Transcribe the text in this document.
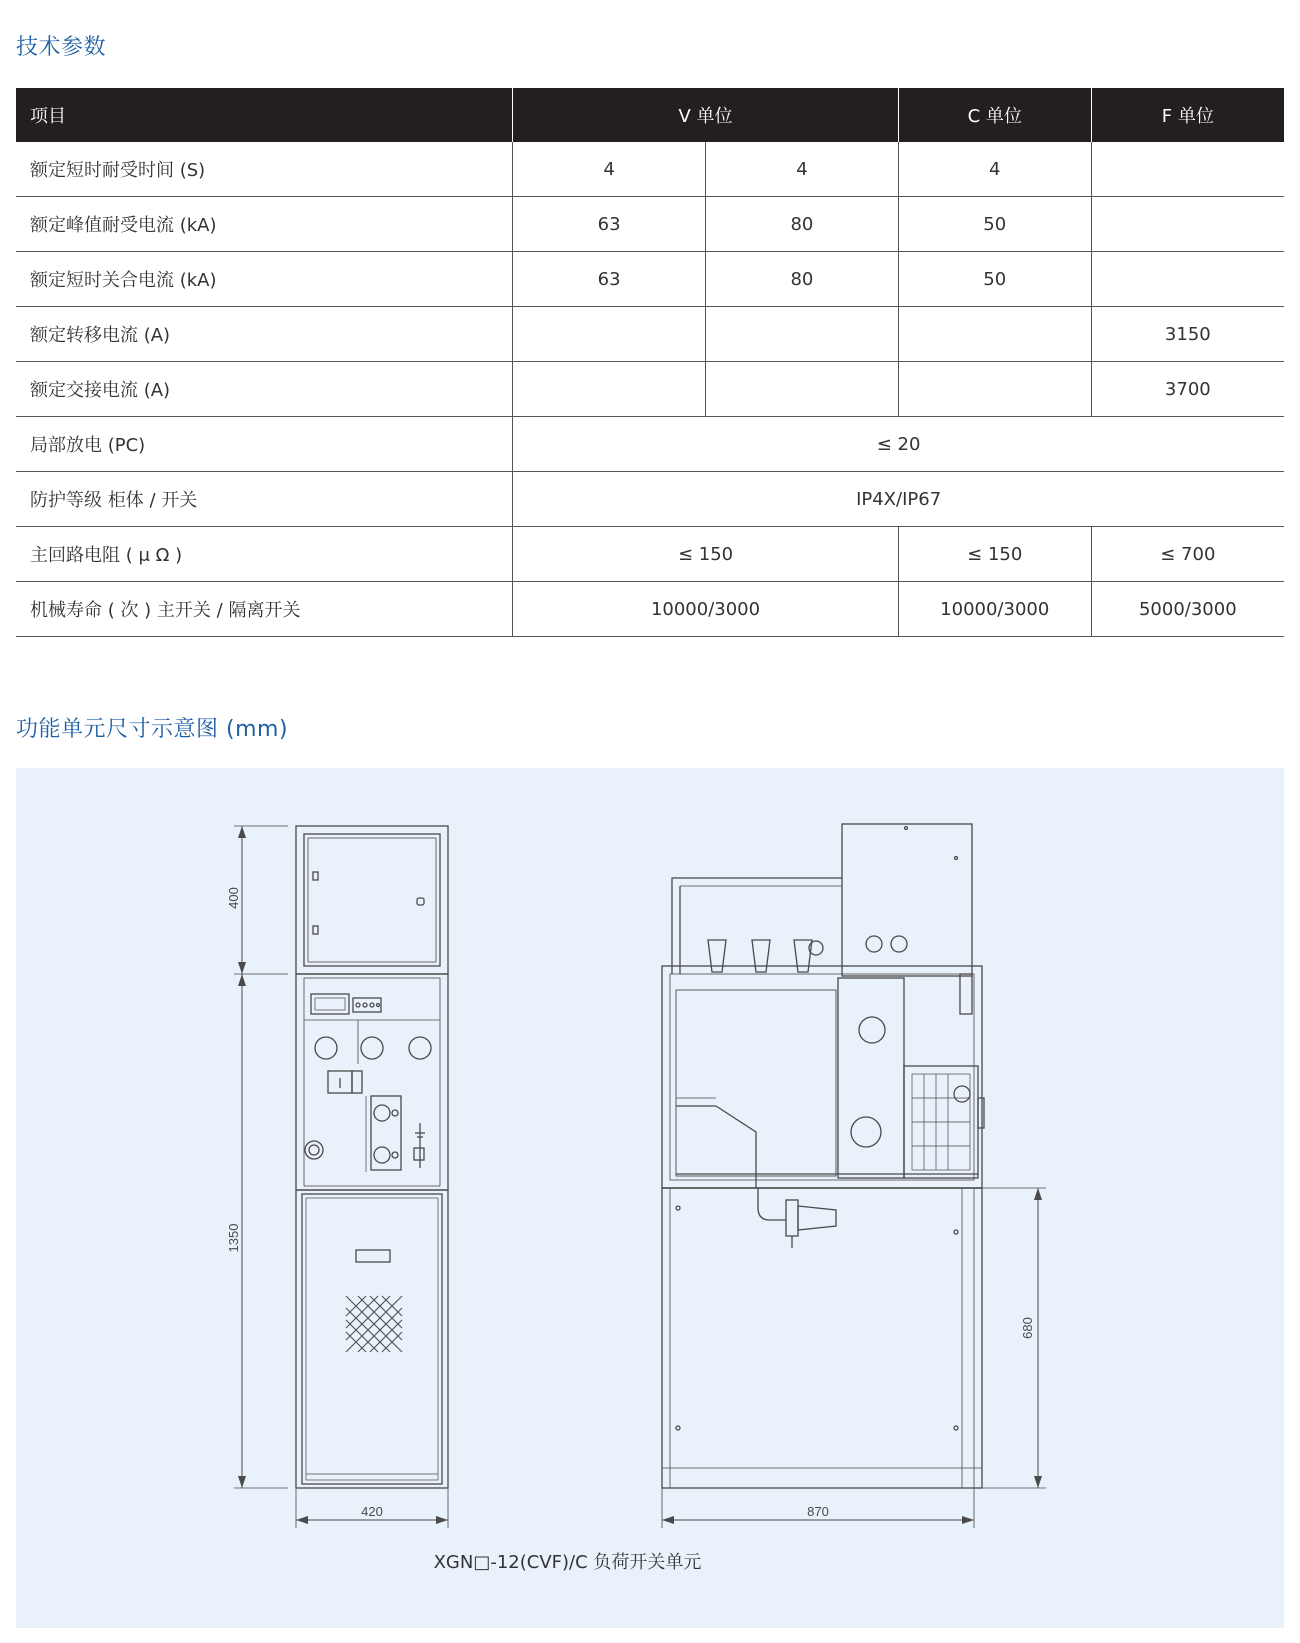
技术参数
项目	V 单位		C 单位	F 单位
额定短时耐受时间 (S)	4	4	4	
额定峰值耐受电流 (kA)	63	80	50	
额定短时关合电流 (kA)	63	80	50	
额定转移电流 (A)				3150
额定交接电流 (A)				3700
局部放电 (PC)	≤ 20			
防护等级 柜体 / 开关	IP4X/IP67			
主回路电阻 ( μ Ω )	≤ 150		≤ 150	≤ 700
机械寿命 ( 次 ) 主开关 / 隔离开关	10000/3000		10000/3000	5000/3000
功能单元尺寸示意图 (mm)
400
1350
420	870
680
XGN□-12(CVF)/C 负荷开关单元
